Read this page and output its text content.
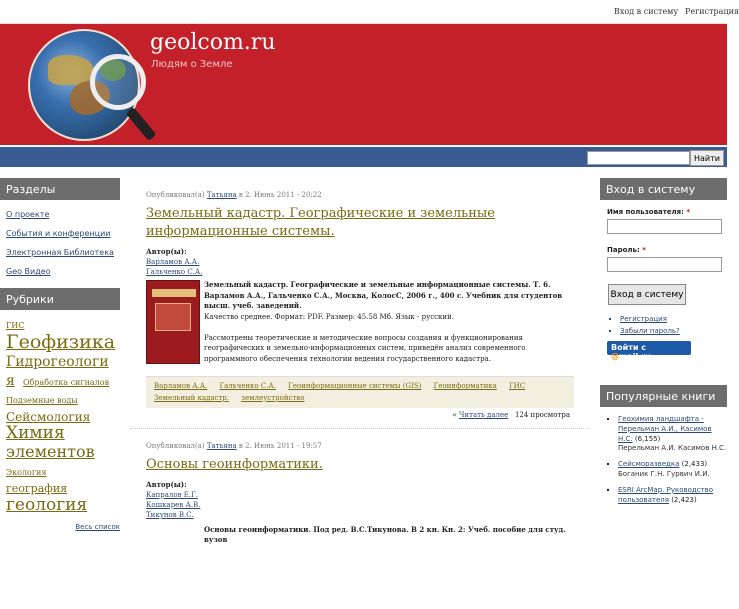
Вход в систему Регистрация
geolcom.ru
Людям о Земле
Найти
Разделы
О проекте
События и конференции
Электронная Библиотека
Geo Видео
Рубрики
ГИС Геофизика Гидрогеологи я Обработка сигналов Подземные воды Сейсмология Химия элементов Экология география геология
Весь список
Опубликовал(а) Татьяна в 2. Июнь 2011 - 20:22
Земельный кадастр. Географические и земельные информационные системы.
Автор(ы):
Варламов А.А.
Гальченко С.А.
Земельный кадастр. Географические и земельные информационные системы. Т. 6. Варламов А.А., Гальченко С.А., Москва, КолосС, 2006 г., 400 с. Учебник для студентов высш. учеб. заведений.
Качество среднее. Формат: PDF. Размер: 45.58 Мб. Язык - русский.

Рассмотрены теоретические и методические вопросы создания и функционирования географических и земельно-информационных систем, приведён анализ современного программного обеспечения технологии ведения государственного кадастра.
Варламов А.А. Гальченко С.А. Геоинформационные системы (GIS) Геоинформатика ГИС Земельный кадастр. землеустройство
« Читать далее 124 просмотра
Опубликовал(а) Татьяна в 2. Июнь 2011 - 19:57
Основы геоинформатики.
Автор(ы):
Капралов Е.Г.
Кошкарев А.В.
Тикунов В.С.
Основы геоинформатики. Под ред. В.С.Тикунова. В 2 кн. Кн. 2: Учеб. пособие для студ. вузов
Вход в систему
Имя пользователя: *
Пароль: *
Вход в систему
▪ Регистрация
▪ Забыли пароль?
Войти с @mail.ru
Популярные книги
▪ Геохимия ландшафта - Перельман А.И., Касимов Н.С. (6,155)
Перельман А.И. Касимов Н.С.
▪ Сейсморазведка (2,433)
Боганик Г.Н. Гурвич И.И.
▪ ESRI ArcMap. Руководство пользователя (2,423)
